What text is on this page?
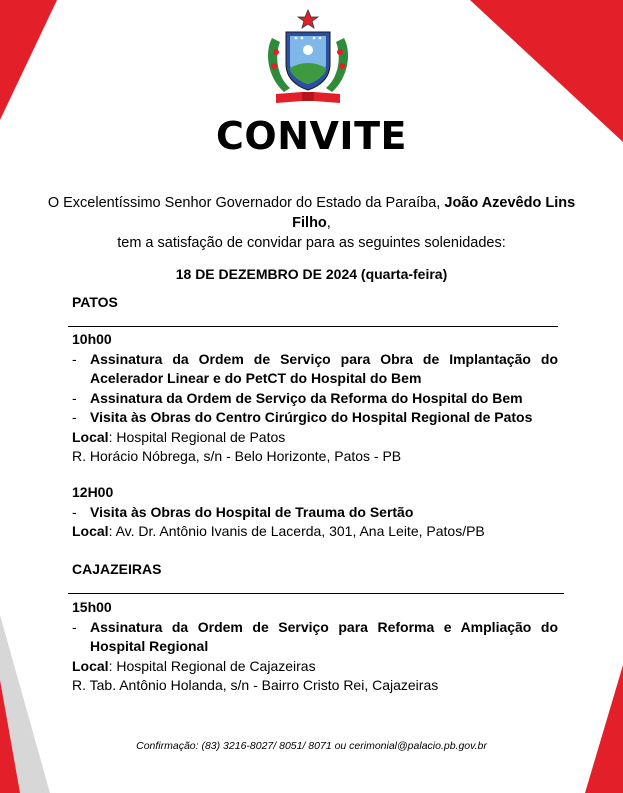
CONVITE
O Excelentíssimo Senhor Governador do Estado da Paraíba, João Azevêdo Lins Filho,
tem a satisfação de convidar para as seguintes solenidades:
18 DE DEZEMBRO DE 2024 (quarta-feira)
PATOS
10h00
- Assinatura da Ordem de Serviço para Obra de Implantação do Acelerador Linear e do PetCT do Hospital do Bem
- Assinatura da Ordem de Serviço da Reforma do Hospital do Bem
- Visita às Obras do Centro Cirúrgico do Hospital Regional de Patos
Local: Hospital Regional de Patos
R. Horácio Nóbrega, s/n - Belo Horizonte, Patos - PB
12H00
- Visita às Obras do Hospital de Trauma do Sertão
Local: Av. Dr. Antônio Ivanis de Lacerda, 301, Ana Leite, Patos/PB
CAJAZEIRAS
15h00
- Assinatura da Ordem de Serviço para Reforma e Ampliação do Hospital Regional
Local: Hospital Regional de Cajazeiras
R. Tab. Antônio Holanda, s/n - Bairro Cristo Rei, Cajazeiras
Confirmação: (83) 3216-8027/ 8051/ 8071 ou cerimonial@palacio.pb.gov.br
